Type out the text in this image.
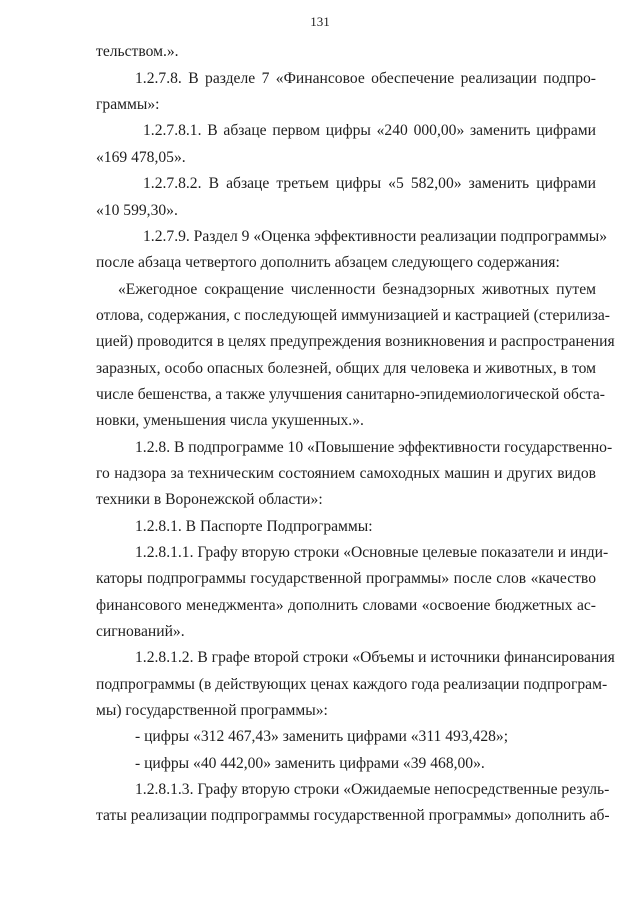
131
тельством.».
1.2.7.8. В разделе 7 «Финансовое обеспечение реализации подпро-
граммы»:
1.2.7.8.1. В абзаце первом цифры «240 000,00» заменить цифрами
«169 478,05».
1.2.7.8.2. В абзаце третьем цифры «5 582,00» заменить цифрами
«10 599,30».
1.2.7.9. Раздел 9 «Оценка эффективности реализации подпрограммы»
после абзаца четвертого дополнить абзацем следующего содержания:
«Ежегодное сокращение численности безнадзорных животных путем
отлова, содержания, с последующей иммунизацией и кастрацией (стерилиза-
цией) проводится в целях предупреждения возникновения и распространения
заразных, особо опасных болезней, общих для человека и животных, в том
числе бешенства, а также улучшения санитарно-эпидемиологической обста-
новки, уменьшения числа укушенных.».
1.2.8. В подпрограмме 10 «Повышение эффективности государственно-
го надзора за техническим состоянием самоходных машин и других видов
техники в Воронежской области»:
1.2.8.1. В Паспорте Подпрограммы:
1.2.8.1.1. Графу вторую строки «Основные целевые показатели и инди-
каторы подпрограммы государственной программы» после слов «качество
финансового менеджмента» дополнить словами «освоение бюджетных ас-
сигнований».
1.2.8.1.2. В графе второй строки «Объемы и источники финансирования
подпрограммы (в действующих ценах каждого года реализации подпрограм-
мы) государственной программы»:
- цифры «312 467,43» заменить цифрами «311 493,428»;
- цифры «40 442,00» заменить цифрами «39 468,00».
1.2.8.1.3. Графу вторую строки «Ожидаемые непосредственные резуль-
таты реализации подпрограммы государственной программы» дополнить аб-
